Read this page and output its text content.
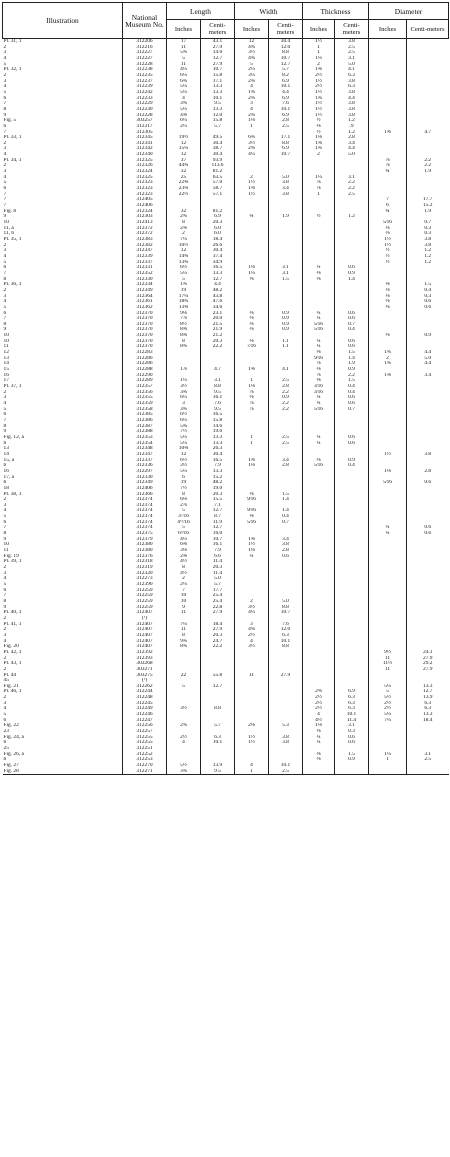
Illustration	National Museum No.	Length		Width		Thickness		Diameter	
		Inches	Centi-meters	Inches	Centi-meters	Inches	Centi-meters	Inches	Centi-meters
Pl. 31, 1	312206	17	43.1	12	30.4	1½	3.8		
2	312216	11	27.9	4¾	12.0	1	2.5		
3	312227	5¾	14.6	3½	8.8	1	2.5		
4	312227	5	12.7	4¾	10.7	1¼	3.1		
5	312228	11	27.9	5	12.7	2	5.0		
Pl. 32, 1	312238	4¼	10.7	2¼	5.7	1⅝	4.1		
2	312235	6¼	15.8	3¼	8.2	2½	6.3		
3	312237	6¾	17.1	2¾	6.9	1½	3.8		
4	312239	5¼	13.3	4	10.1	2½	6.3		
5	312242	5¼	13.3	1¾	4.4	1½	3.8		
6	312233	4	10.1	2¾	6.9	1¾	4.4		
7	312229	3¾	9.5	3	7.6	1½	3.8		
8	312230	5¼	13.3	4	10.1	1½	3.8		
9	312228	4⅝	12.0	2¾	6.9	1½	3.8		
Fig. 5	303257	6¼	15.8	1⅛	2.8	½	1.2		
6	312317	2¼	5.7	1	2.5	⅜	.9		
7	312305					½	1.2	1⅝	4.7
Pl. 33, 1	312345	19½	49.5	6¾	17.1	1⅛	2.8		
2	312341	12	30.4	3½	8.8	1⅜	3.4		
3	312342	15¼	38.7	2¾	6.9	1¾	4.4		
4	312340	12	30.4	4¼	10.7	2	5.0		
Pl. 34, 1	312325	37	93.9					⅞	2.2
2	312326	44¾	113.6					⅞	2.2
3	312324	32	81.2					¾	1.9
4	312325	25	63.5	2	5.0	1¼	3.1		
5	312323	22⅝	57.0	1½	3.8	⅞	2.2		
6	312323	23⅛	58.7	1⅜	3.4	⅞	2.2		
7	312323	22½	57.1	1½	3.8	1	2.5		
7	312405							7	17.7
7	312406							6	15.2
Fig. 8	312324	32	81.2					¾	1.9
9	312303	2¾	6.9	¾	1.9	½	1.2		
10	312413	8	20.3					5⁄16	0.7
11, a	312372	2⅜	6.0					⅛	0.3
11, b	312372	2	6.0					⅛	0.3
Pl. 35, 1	312383	7¼	18.4					1½	3.8
2	312382	10½	26.6					1½	3.8
3	312347	12	30.4					½	1.2
4	312339	14¾	37.4					½	1.2
5	312337	13¾	34.9					½	1.2
6	312331	6½	16.5	1⅛	3.1	¼	0.6		
7	312352	5¼	13.3	1¼	3.1	⅜	0.9		
8	312330	5	12.7	⅝	1.5	⅝	1.4		
Pl. 36, 1	312334	1¾	4.4					⅝	1.5
2	312349	19	48.2					⅛	0.4
3	312364	17¼	43.8					⅛	0.3
4	312361	18¾	47.6					⅜	0.6
5	312362	13⅝	34.6					⅜	0.6
6	312370	9⅛	23.1	⅜	0.9	¼	0.6		
7	312370	7⅞	20.0	⅜	0.9	¼	0.6		
8	312370	8½	21.5	⅜	0.9	5⁄16	0.7		
9	312370	8⅝	21.9	⅜	0.9	5⁄16	0.4		
10	312370	8⅜	21.2					⅜	0.9
10	312370	8	20.3	⅜	1.1	¼	0.6		
11	312370	8¾	22.2	7⁄16	1.1	¼	0.6		
12	312283					⅝	1.5	1¾	4.4
13	312286					9⁄16	1.4	2	5.0
14	312286					⅞	1.9	1¾	4.4
15	312288	1⅞	4.7	1⅝	4.1	⅜	0.9		
16	312290					⅞	2.2	1⅜	3.4
17	312289	1¼	3.1	1	2.5	⅝	1.5		
Pl. 37, 1	312357	3½	8.8	1⅛	2.8	3⁄16	0.4		
2	312356	3¾	9.5	⅞	2.2	3⁄16	0.4		
3	312355	6¼	16.1	⅜	0.9	¼	0.6		
4	312359	3	7.6	⅞	2.2	¼	0.6		
5	312358	3¾	9.5	⅞	2.2	5⁄16	0.7		
6	312385	6½	16.5						
7	312386	6¼	15.8						
8	312387	5¾	14.6						
9	312388	7½	19.0						
Fig. 12, a	312353	5¼	13.3	1	2.5	¼	0.6		
b	312354	5¼	13.3	1	2.5	¼	0.6		
13	312348	10⅜	26.3						
14	312347	12	30.4					1½	3.8
15, a	312337	6½	16.5	1⅜	3.4	⅜	0.9		
b	312336	3½	7.9	1⅛	2.8	5⁄16	0.4		
16	312297	5¼	13.3					1⅛	2.8
17, a	312330	6	15.2						
b	312349	19	48.2					5⁄16	0.6
18	312406	7½	19.0						
Pl. 38, 1	312366	8	20.3	⅝	1.5				
2	312374	6⅛	15.5	9⁄16	1.4				
3	312374	2⅞	7.1						
4	312374	5	12.7	9⁄16	1.4				
5	312374	3⁷⁄16	8.7	⅝	0.4				
6	312374	4¹⁵⁄16	11.9	5⁄16	0.7				
7	312374	5	12.7					¼	0.6
8	312375	6⁵⁄16	16.0					¼	0.6
9	312379	4¼	10.7	1⅜	3.4				
10	312380	6⅜	16.1	1½	3.8				
11	312380	3⅛	7.9	1⅛	2.8				
Fig. 19	312376	2⅝	6.6	¼	0.6				
Pl. 39, 1	312318	4½	11.4						
2	312319	8	20.3						
3	312320	4½	11.4						
4	312273	2	5.0						
5	312390	2¼	5.7						
6	312259	7	17.7						
7	312259	10	25.4						
8	312259	10	25.4	2	5.0				
9	312259	9	22.8	3½	8.8				
Pl. 40, 1	312407	11	27.9	4¼	10.7				
2	(¹)								
Pl. 41, 1	312407	7¼	18.4	3	7.6				
2	312407	11	27.9	4¾	12.0				
3	312407	8	20.3	2½	6.3				
4	312407	9¾	24.7	4	10.1				
Fig. 20	312407	8¾	22.2	3½	8.8				
Pl. 42, 1	312392							9½	24.1
2	312393							11	27.9
Pl. 43, 1	303268							11½	29.2
2	303271							11	27.9
Pl. 44	303275	22	55.8	11	27.9				
45	(¹)								
Fig. 21	312262	5	12.7					5¼	13.3
Pl. 46, 1	312244					2¾	6.9	5	12.7
2	312248					2½	6.3	5½	13.9
3	312245					2½	6.3	2½	6.3
4	312249	3½	8.8			2½	6.3	2½	6.3
5	312246					4	10.1	5¼	13.3
6	312247					4½	11.4	7¼	18.4
Fig. 22	312256	2¾	5.7	2⅛	5.3	1⅛	3.1		
23	312257					⅛	0.3		
Fig. 24, a	312255	2½	6.3	1½	3.8	¼	0.6		
b	312255	4	10.1	1½	3.8	¼	0.6		
25	312251								
Fig. 26, a	312252					⅝	1.5	1¼	3.1
b	312253					⅜	0.9	1	2.5
Fig. 27	312270	5½	13.9	4	10.1				
Fig. 28	312271	3¾	9.5	1	2.5				
